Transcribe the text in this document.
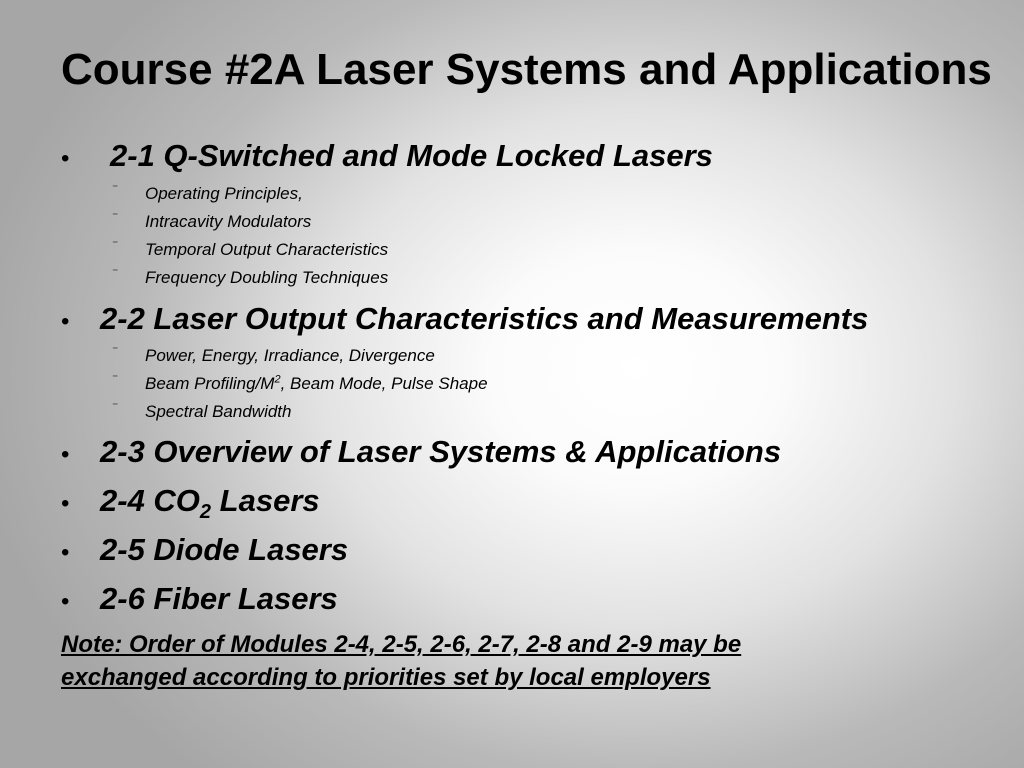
Course #2A Laser Systems and Applications
•	2-1 Q-Switched and Mode Locked Lasers
⁻	Operating Principles,
⁻	Intracavity Modulators
⁻	Temporal Output Characteristics
⁻	Frequency Doubling Techniques
• 2-2 Laser Output Characteristics and Measurements
⁻	Power, Energy, Irradiance, Divergence
⁻	Beam Profiling/$M^2$, Beam Mode, Pulse Shape
⁻	Spectral Bandwidth
• 2-3 Overview of Laser Systems & Applications
• 2-4 $CO_2$ Lasers
• 2-5 Diode Lasers
• 2-6 Fiber Lasers
Note: Order of Modules 2-4, 2-5, 2-6, 2-7, 2-8 and 2-9 may be
exchanged according to priorities set by local employers
